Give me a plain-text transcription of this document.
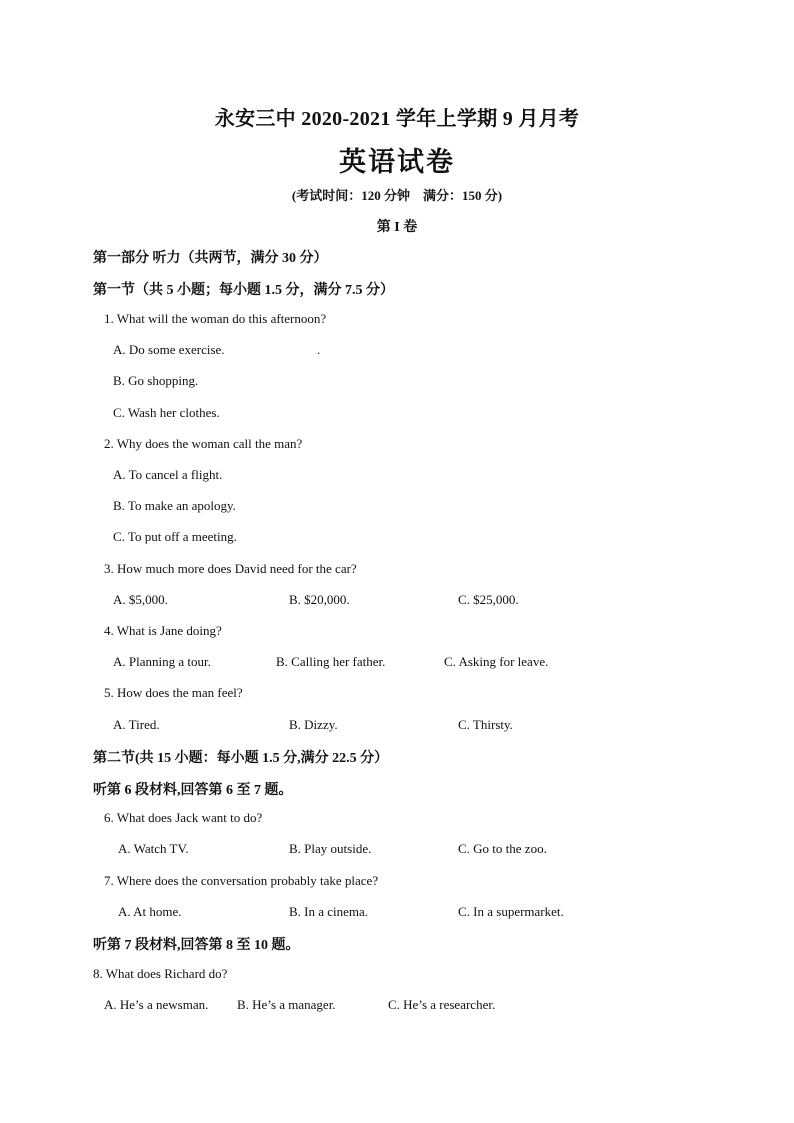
永安三中 2020-2021 学年上学期 9 月月考
英语试卷
(考试时间：120 分钟　满分：150 分)
第 I 卷
第一部分 听力（共两节，满分 30 分）
第一节（共 5 小题；每小题 1.5 分，满分 7.5 分）
1. What will the woman do this afternoon?
A. Do some exercise.	.
B. Go shopping.
C. Wash her clothes.
2. Why does the woman call the man?
A. To cancel a flight.
B. To make an apology.
C. To put off a meeting.
3. How much more does David need for the car?
A. $5,000.	B. $20,000.	C. $25,000.
4. What is Jane doing?
A. Planning a tour.	B. Calling her father.	C. Asking for leave.
5. How does the man feel?
A. Tired.	B. Dizzy.	C. Thirsty.
第二节(共 15 小题：每小题 1.5 分,满分 22.5 分）
听第 6 段材料,回答第 6 至 7 题。
6. What does Jack want to do?
A. Watch TV.	B. Play outside.	C. Go to the zoo.
7. Where does the conversation probably take place?
A. At home.	B. In a cinema.	C. In a supermarket.
听第 7 段材料,回答第 8 至 10 题。
8. What does Richard do?
A. He’s a newsman. B. He’s a manager.	C. He’s a researcher.
